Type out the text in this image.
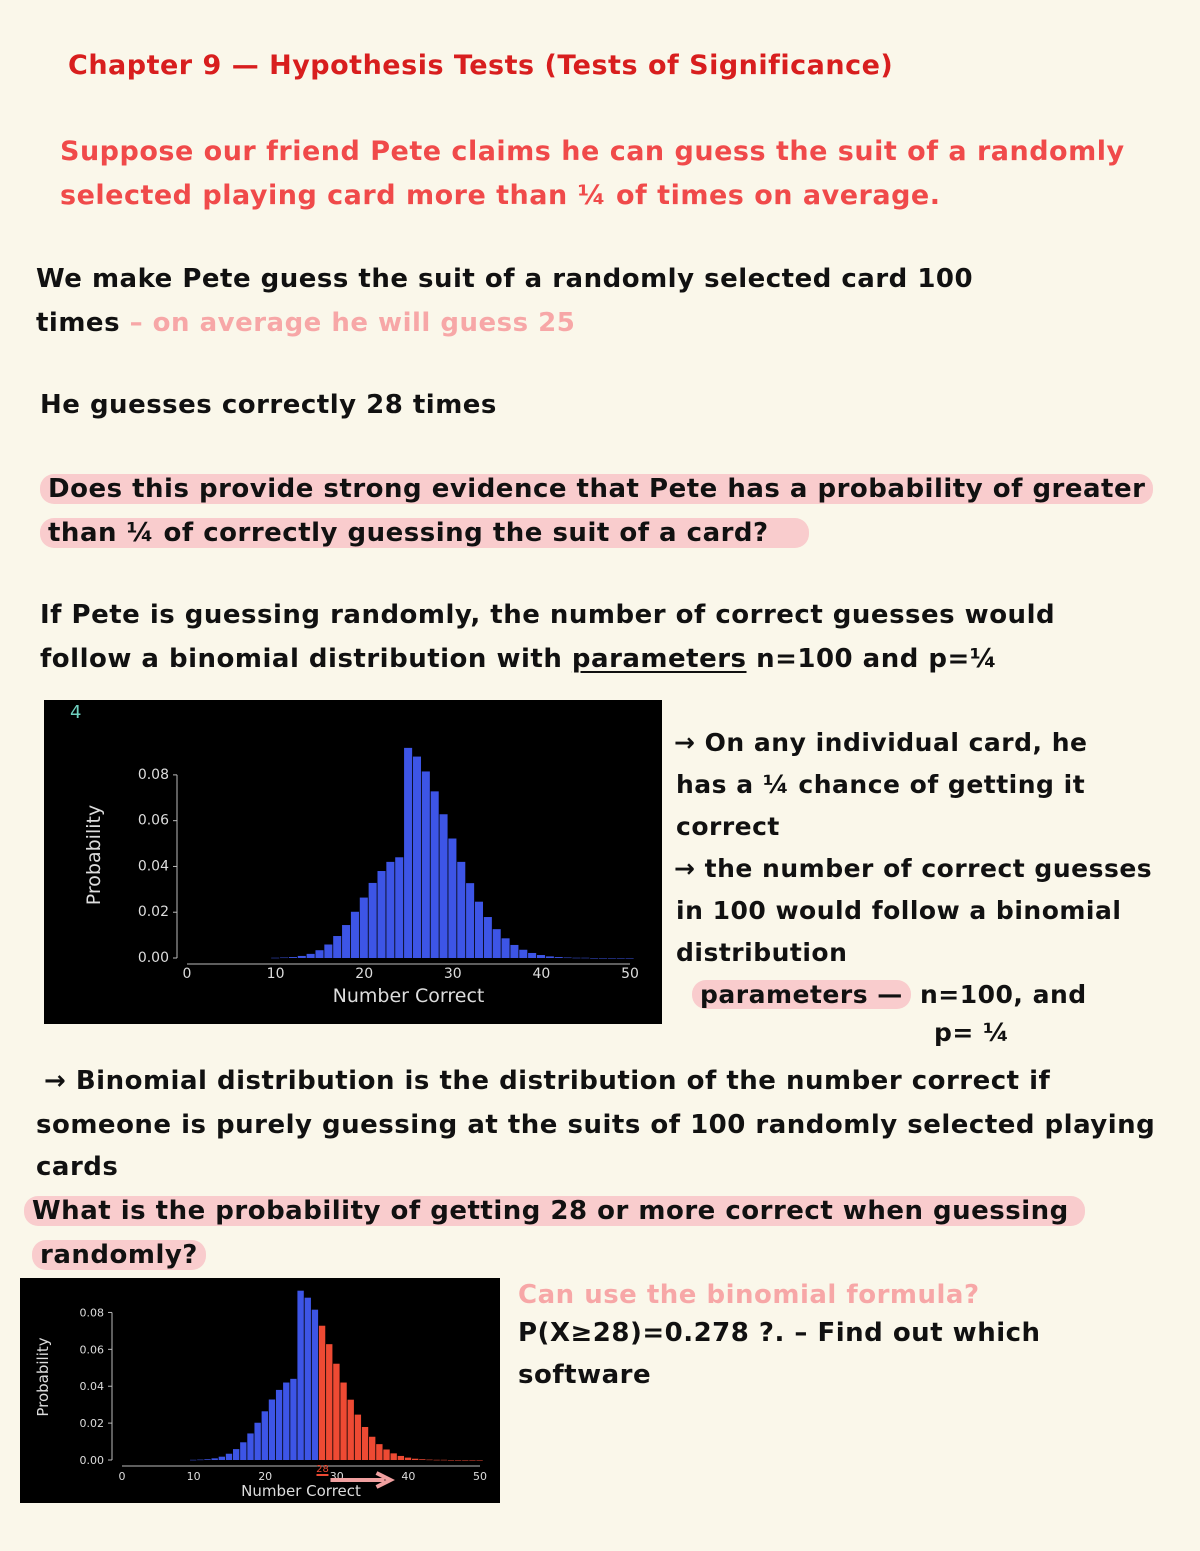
Chapter 9 — Hypothesis Tests (Tests of Significance)
Suppose our friend Pete claims he can guess the suit of a randomly
selected playing card more than ¼ of times on average.
We make Pete guess the suit of a randomly selected card 100
times – on average he will guess 25
He guesses correctly 28 times
Does this provide strong evidence that Pete has a probability of greater
than ¼ of correctly guessing the suit of a card?
If Pete is guessing randomly, the number of correct guesses would
follow a binomial distribution with parameters n=100 and p=¼
0	10	20	30	40	50
0.00
0.02
0.04
0.06
0.08
Number Correct
Probability
4
→ On any individual card, he
has a ¼ chance of getting it
correct
→ the number of correct guesses
in 100 would follow a binomial
distribution
parameters — n=100, and
p= ¼
→ Binomial distribution is the distribution of the number correct if
someone is purely guessing at the suits of 100 randomly selected playing
cards
What is the probability of getting 28 or more correct when guessing
randomly?
0	10	20	30	40	50
0.00
0.02
0.04
0.06
0.08
Number Correct
Probability
28
Can use the binomial formula?
P(X≥28)=0.278 ?. – Find out which
software
